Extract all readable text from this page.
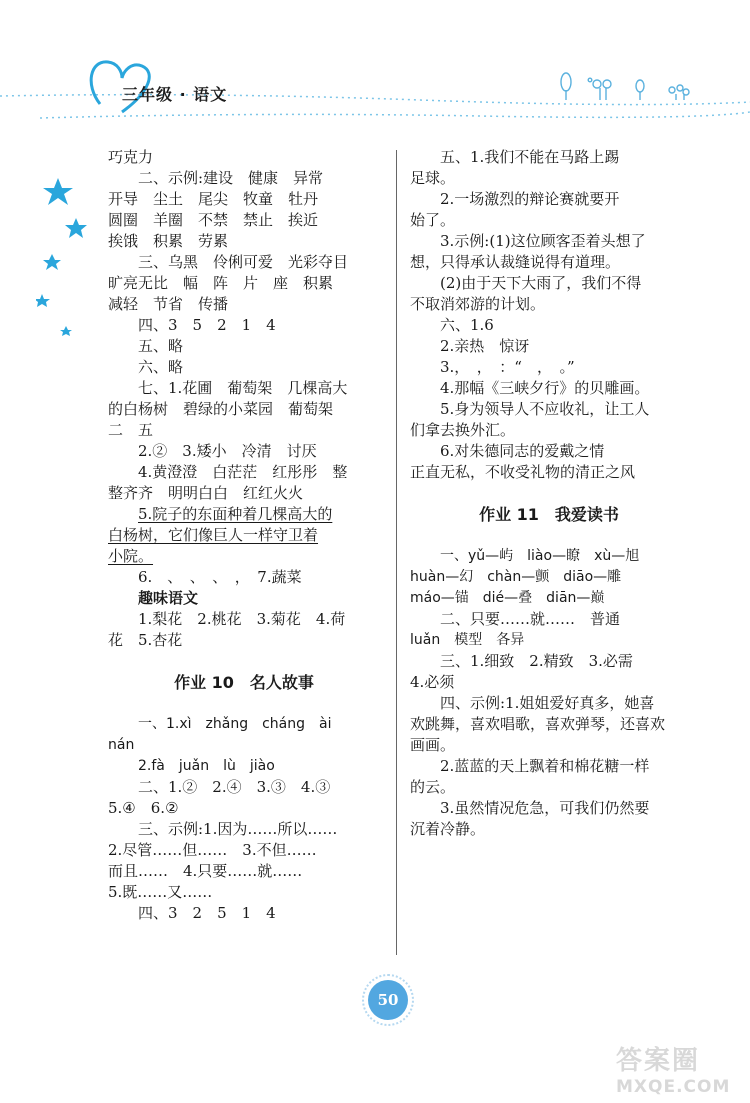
三年级 · 语文
巧克力
二、示例:建设　健康　异常
开导　尘土　尾尖　牧童　牡丹
圆圈　羊圈　不禁　禁止　挨近
挨饿　积累　劳累
三、乌黑　伶俐可爱　光彩夺目
旷亮无比　幅　阵　片　座　积累
减轻　节省　传播
四、3　5　2　1　4
五、略
六、略
七、1.花圃　葡萄架　几棵高大
的白杨树　碧绿的小菜园　葡萄架
二　五
2.②　3.矮小　冷清　讨厌
4.黄澄澄　白茫茫　红彤彤　整
整齐齐　明明白白　红红火火
5.院子的东面种着几棵高大的
白杨树，它们像巨人一样守卫着
小院。
6.　、　、　、　，　7.蔬菜
趣味语文
1.梨花　2.桃花　3.菊花　4.荷
花　5.杏花
作业 10　名人故事
一、1.xì　zhǎng　cháng　ài
nán
2.fà　juǎn　lù　jiào
二、1.②　2.④　3.③　4.③
5.④　6.②
三、示例:1.因为……所以……
2.尽管……但……　3.不但……
而且……　4.只要……就……
5.既……又……
四、3　2　5　1　4
五、1.我们不能在马路上踢
足球。
2.一场激烈的辩论赛就要开
始了。
3.示例:(1)这位顾客歪着头想了
想，只得承认裁缝说得有道理。
(2)由于天下大雨了，我们不得
不取消郊游的计划。
六、1.6
2.亲热　惊讶
3.，　，　：“　，　。”
4.那幅《三峡夕行》的贝雕画。
5.身为领导人不应收礼，让工人
们拿去换外汇。
6.对朱德同志的爱戴之情
正直无私，不收受礼物的清正之风
作业 11　我爱读书
一、yǔ—屿　liào—瞭　xù—旭
huàn—幻　chàn—颤　diāo—雕
máo—锚　dié—叠　diān—巅
二、只要……就……　普通
luǎn　模型　各异
三、1.细致　2.精致　3.必需
4.必须
四、示例:1.姐姐爱好真多，她喜
欢跳舞，喜欢唱歌，喜欢弹琴，还喜欢
画画。
2.蓝蓝的天上飘着和棉花糖一样
的云。
3.虽然情况危急，可我们仍然要
沉着冷静。
50
答案圈
MXQE.COM
